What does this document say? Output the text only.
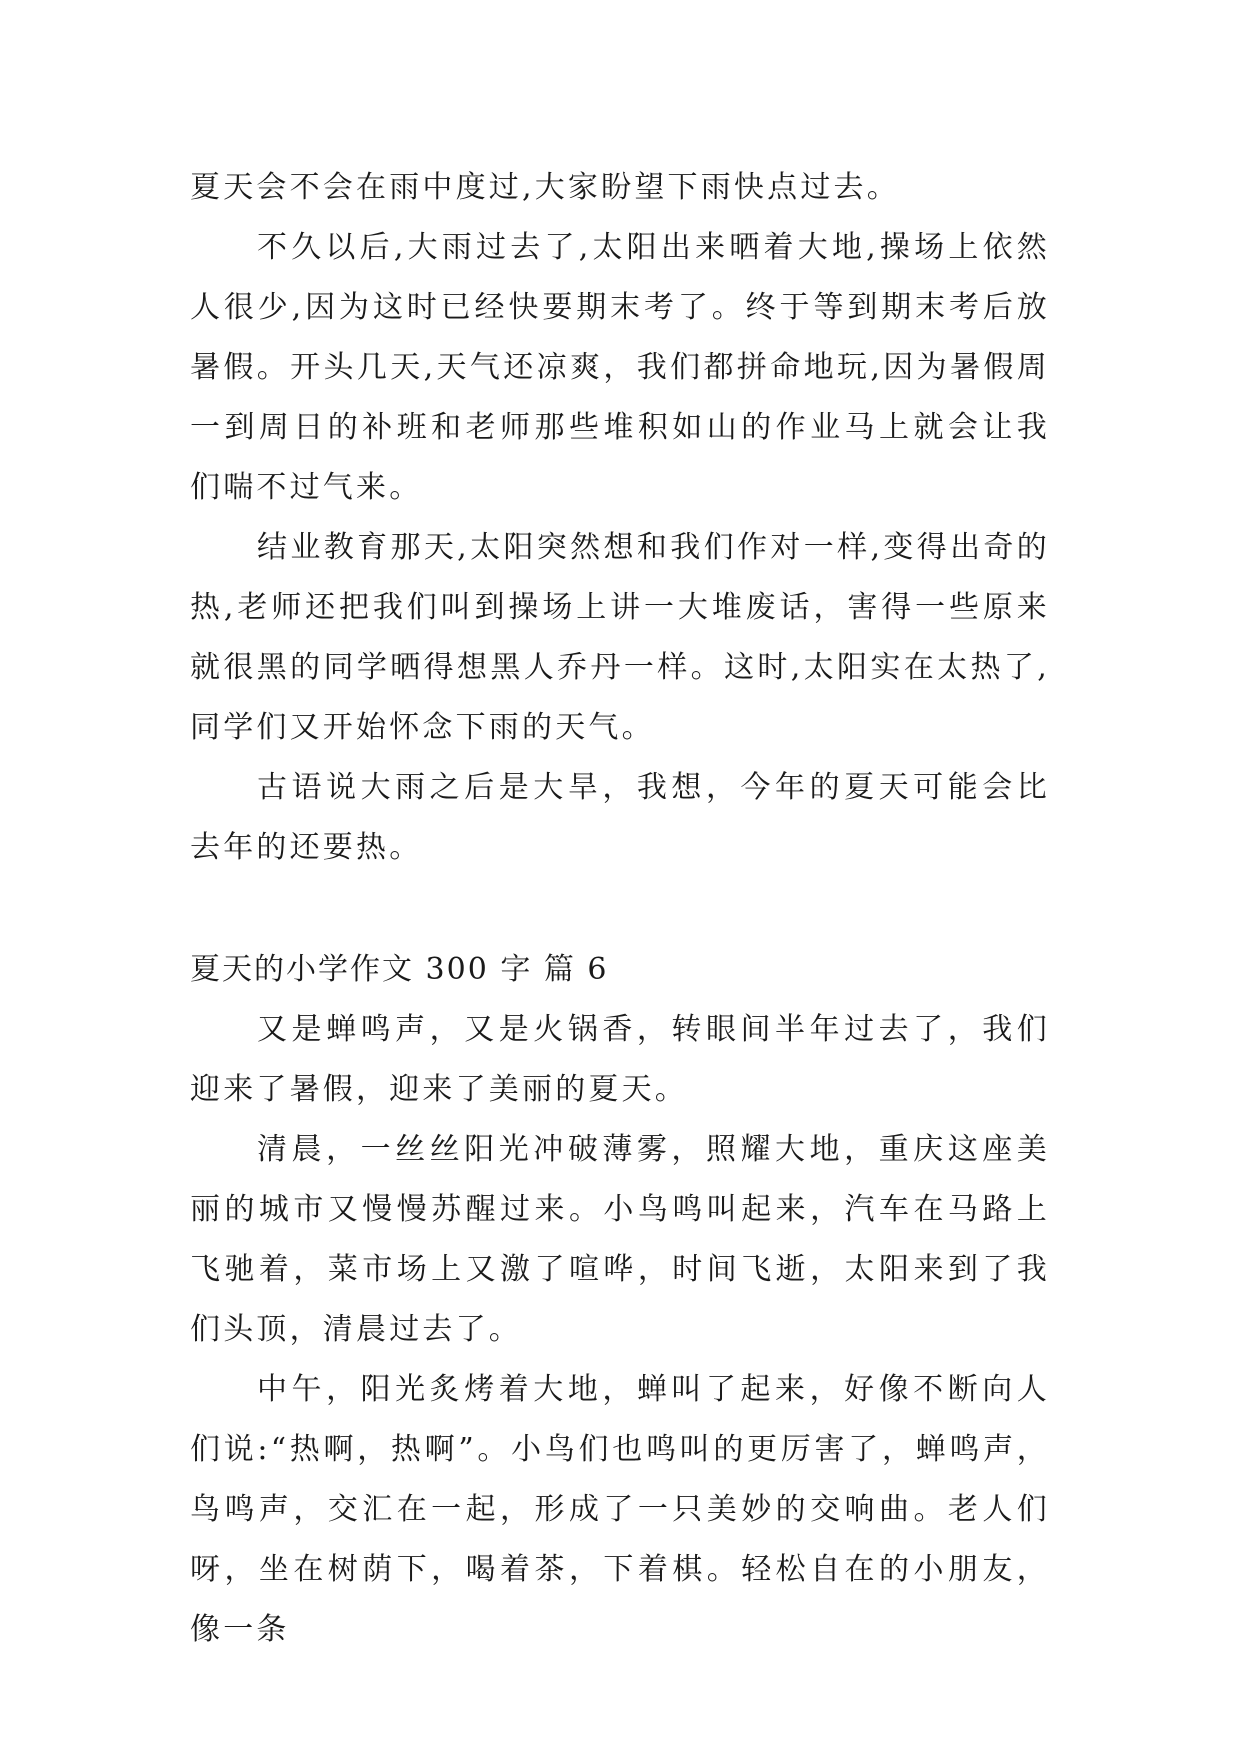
夏天会不会在雨中度过,大家盼望下雨快点过去。

不久以后,大雨过去了,太阳出来晒着大地,操场上依然人很少,因为这时已经快要期末考了。终于等到期末考后放暑假。开头几天,天气还凉爽，我们都拼命地玩,因为暑假周一到周日的补班和老师那些堆积如山的作业马上就会让我们喘不过气来。

结业教育那天,太阳突然想和我们作对一样,变得出奇的热,老师还把我们叫到操场上讲一大堆废话，害得一些原来就很黑的同学晒得想黑人乔丹一样。这时,太阳实在太热了,同学们又开始怀念下雨的天气。

古语说大雨之后是大旱，我想，今年的夏天可能会比去年的还要热。

夏天的小学作文 300 字 篇 6

又是蝉鸣声，又是火锅香，转眼间半年过去了，我们迎来了暑假，迎来了美丽的夏天。

清晨，一丝丝阳光冲破薄雾，照耀大地，重庆这座美丽的城市又慢慢苏醒过来。小鸟鸣叫起来，汽车在马路上飞驰着，菜市场上又激了喧哗，时间飞逝，太阳来到了我们头顶，清晨过去了。

中午，阳光炙烤着大地，蝉叫了起来，好像不断向人们说:“热啊，热啊”。小鸟们也鸣叫的更厉害了，蝉鸣声，鸟鸣声，交汇在一起，形成了一只美妙的交响曲。老人们呀，坐在树荫下，喝着茶，下着棋。轻松自在的小朋友，像一条
